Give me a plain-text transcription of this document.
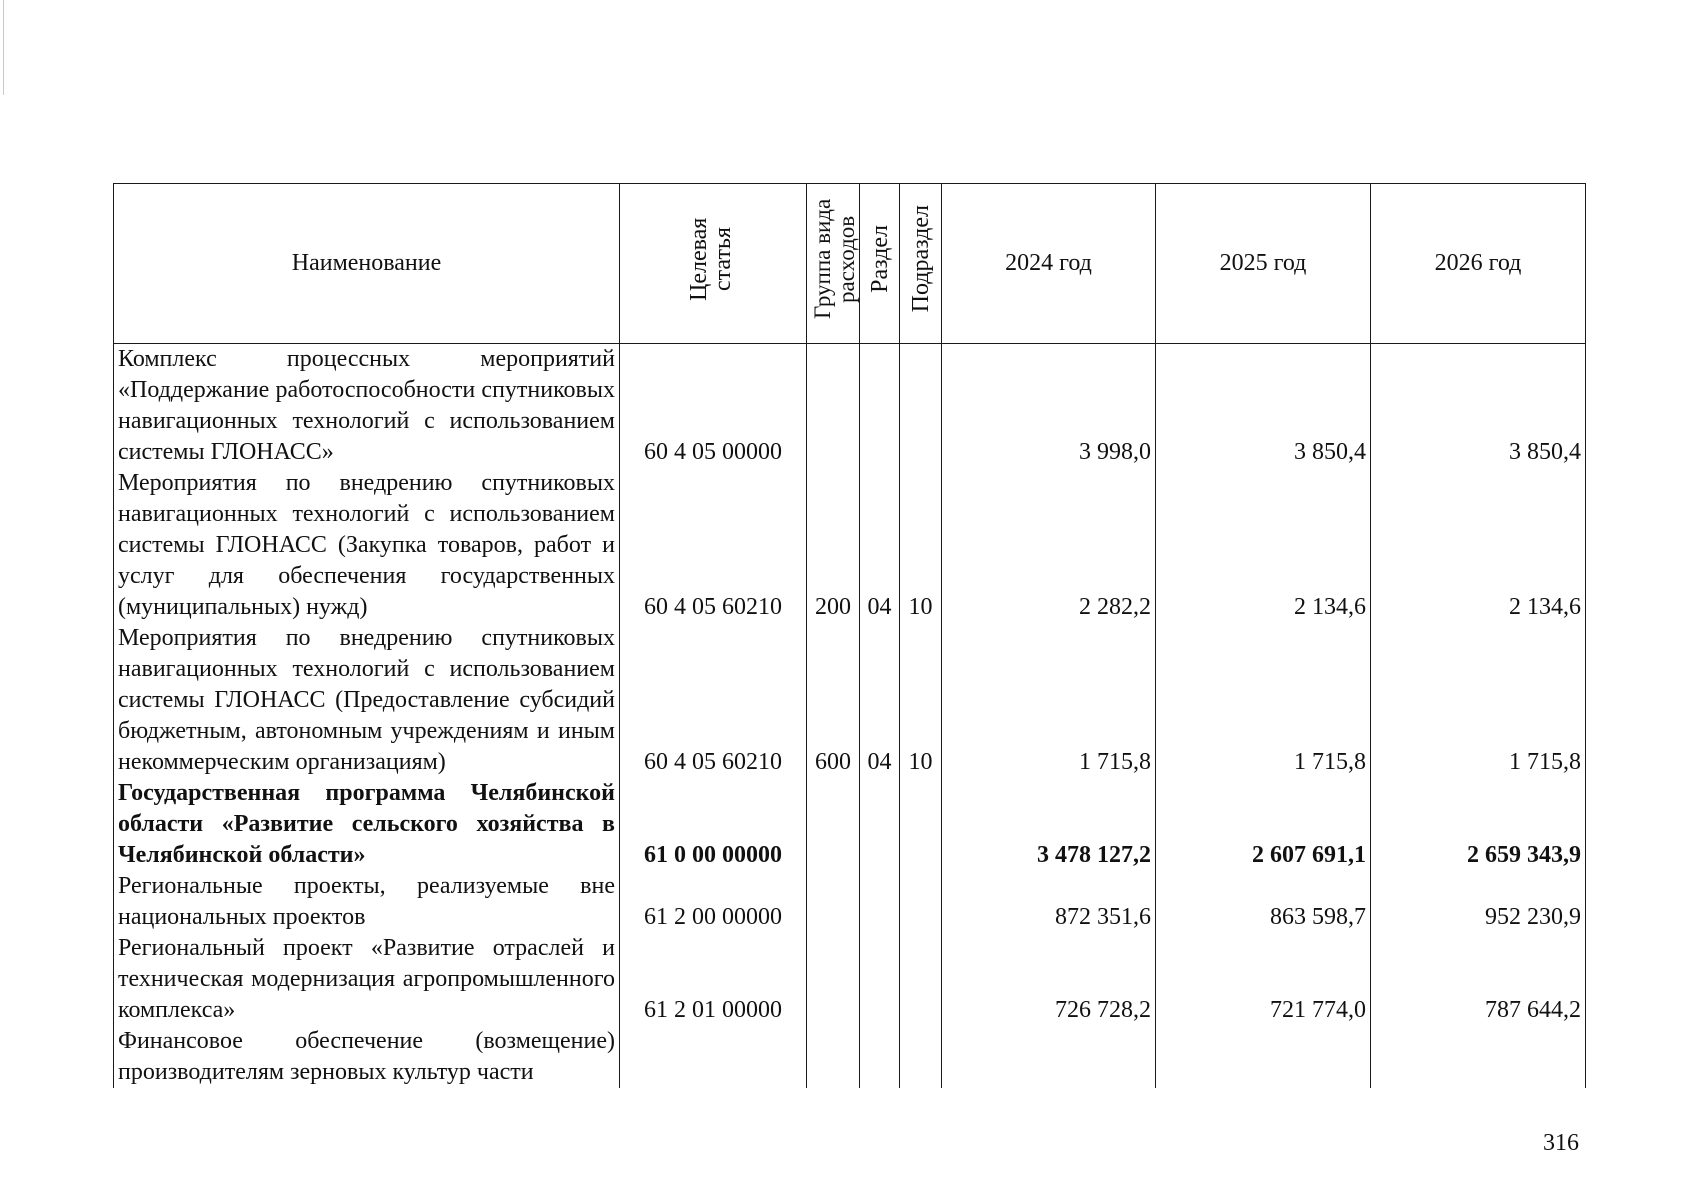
Наименование	Целевая статья	Группа вида расходов	Раздел	Подраздел	2024 год	2025 год	2026 год
Комплекс процессных мероприятий «Поддержание работоспособности спутниковых навигационных технологий с использованием системы ГЛОНАСС»	60 4 05 00000				3 998,0	3 850,4	3 850,4
Мероприятия по внедрению спутниковых навигационных технологий с использованием системы ГЛОНАСС (Закупка товаров, работ и услуг для обеспечения государственных (муниципальных) нужд)	60 4 05 60210	200	04	10	2 282,2	2 134,6	2 134,6
Мероприятия по внедрению спутниковых навигационных технологий с использованием системы ГЛОНАСС (Предоставление субсидий бюджетным, автономным учреждениям и иным некоммерческим организациям)	60 4 05 60210	600	04	10	1 715,8	1 715,8	1 715,8
Государственная программа Челябинской области «Развитие сельского хозяйства в Челябинской области»	61 0 00 00000				3 478 127,2	2 607 691,1	2 659 343,9
Региональные проекты, реализуемые вне национальных проектов	61 2 00 00000				872 351,6	863 598,7	952 230,9
Региональный проект «Развитие отраслей и техническая модернизация агропромышленного комплекса»	61 2 01 00000				726 728,2	721 774,0	787 644,2
Финансовое обеспечение (возмещение) производителям зерновых культур части							
316
